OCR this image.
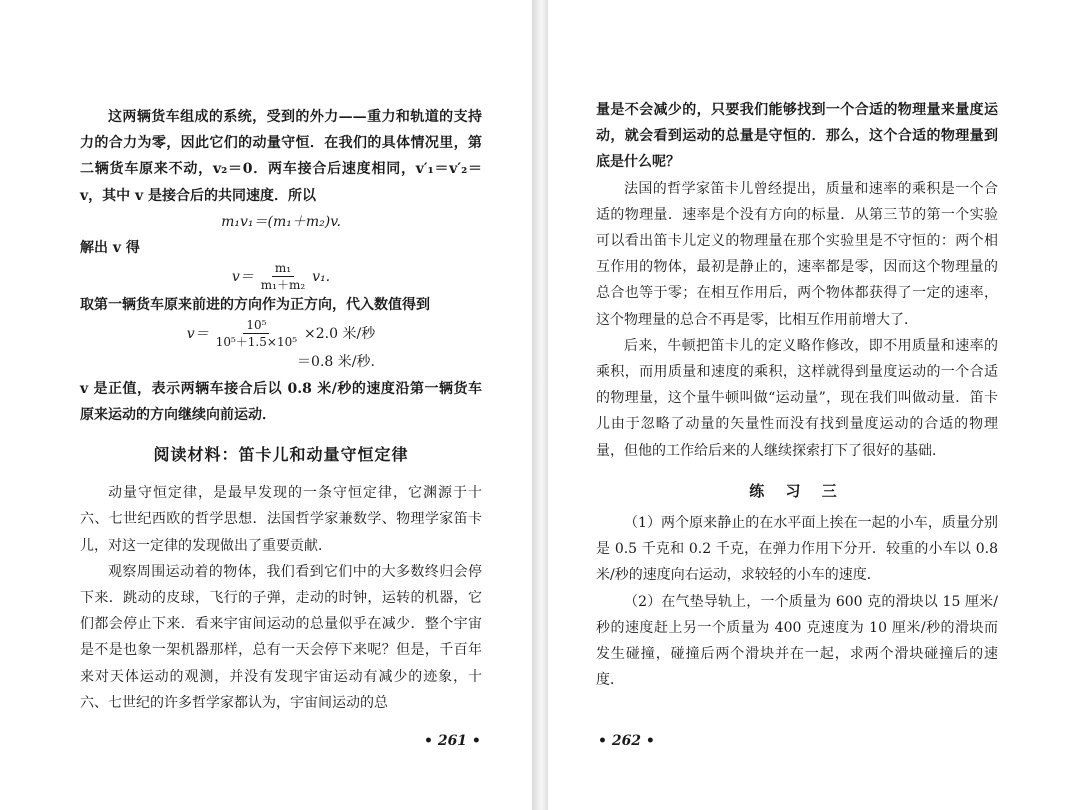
这两辆货车组成的系统，受到的外力——重力和轨道的支持力的合力为零，因此它们的动量守恒．在我们的具体情况里，第二辆货车原来不动，v₂＝0．两车接合后速度相同，v′₁＝v′₂＝v，其中 v 是接合后的共同速度．所以

m₁v₁＝(m₁＋m₂)v.

解出 v 得

$v= \frac{\text{m₁}}{\text{m₁＋m₂}} v_1$.

取第一辆货车原来前进的方向作为正方向，代入数值得到

$v= \frac{\text{10⁵}}{\text{10⁵＋1.5×10⁵}} \times 2.0$ 米/秒

＝0.8 米/秒.

v 是正值，表示两辆车接合后以 0.8 米/秒的速度沿第一辆货车原来运动的方向继续向前运动．

阅读材料：笛卡儿和动量守恒定律

动量守恒定律，是最早发现的一条守恒定律，它渊源于十六、七世纪西欧的哲学思想．法国哲学家兼数学、物理学家笛卡儿，对这一定律的发现做出了重要贡献．

观察周围运动着的物体，我们看到它们中的大多数终归会停下来．跳动的皮球，飞行的子弹，走动的时钟，运转的机器，它们都会停止下来．看来宇宙间运动的总量似乎在减少．整个宇宙是不是也象一架机器那样，总有一天会停下来呢？但是，千百年来对天体运动的观测，并没有发现宇宙运动有减少的迹象，十六、七世纪的许多哲学家都认为，宇宙间运动的总

• 261 •

量是不会减少的，只要我们能够找到一个合适的物理量来量度运动，就会看到运动的总量是守恒的．那么，这个合适的物理量到底是什么呢？

法国的哲学家笛卡儿曾经提出，质量和速率的乘积是一个合适的物理量．速率是个没有方向的标量．从第三节的第一个实验可以看出笛卡儿定义的物理量在那个实验里是不守恒的：两个相互作用的物体，最初是静止的，速率都是零，因而这个物理量的总合也等于零；在相互作用后，两个物体都获得了一定的速率，这个物理量的总合不再是零，比相互作用前增大了．

后来，牛顿把笛卡儿的定义略作修改，即不用质量和速率的乘积，而用质量和速度的乘积，这样就得到量度运动的一个合适的物理量，这个量牛顿叫做“运动量”，现在我们叫做动量．笛卡儿由于忽略了动量的矢量性而没有找到量度运动的合适的物理量，但他的工作给后来的人继续探索打下了很好的基础．

练 习 三

（1）两个原来静止的在水平面上挨在一起的小车，质量分别是 0.5 千克和 0.2 千克，在弹力作用下分开．较重的小车以 0.8 米/秒的速度向右运动，求较轻的小车的速度．

（2）在气垫导轨上，一个质量为 600 克的滑块以 15 厘米/秒的速度赶上另一个质量为 400 克速度为 10 厘米/秒的滑块而发生碰撞，碰撞后两个滑块并在一起，求两个滑块碰撞后的速度．

• 262 •
